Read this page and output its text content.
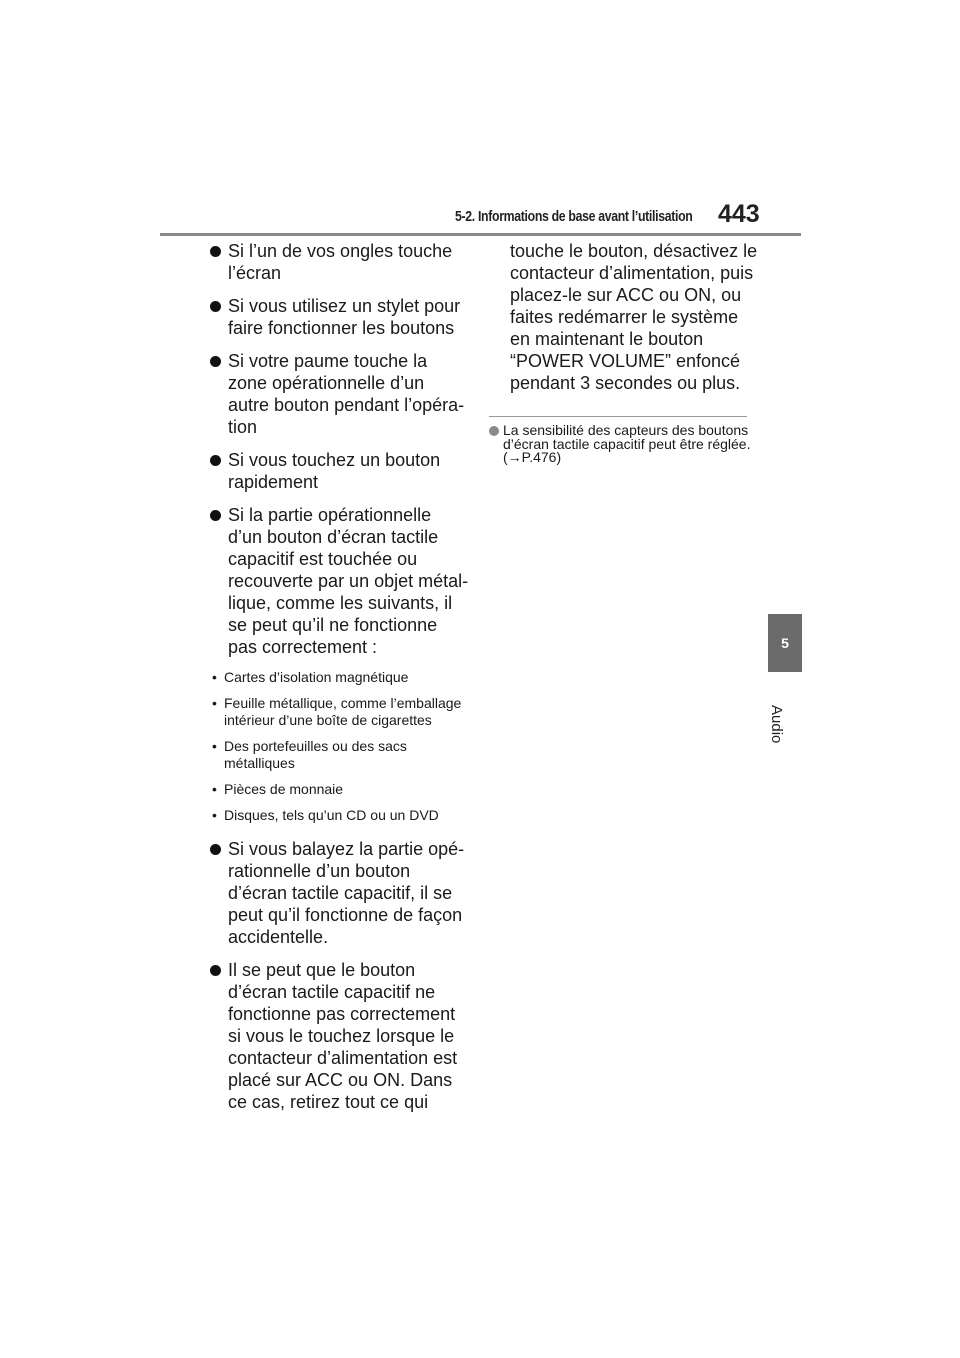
5-2. Informations de base avant l’utilisation 443
Si l’un de vos ongles touche l’écran
Si vous utilisez un stylet pour faire fonctionner les boutons
Si votre paume touche la zone opérationnelle d’un autre bouton pendant l’opéra-tion
Si vous touchez un bouton rapidement
Si la partie opérationnelle d’un bouton d’écran tactile capacitif est touchée ou recouverte par un objet métal-lique, comme les suivants, il se peut qu’il ne fonctionne pas correctement :
• Cartes d’isolation magnétique
• Feuille métallique, comme l’emballage intérieur d’une boîte de cigarettes
• Des portefeuilles ou des sacs métalliques
• Pièces de monnaie
• Disques, tels qu’un CD ou un DVD
Si vous balayez la partie opé-rationnelle d’un bouton d’écran tactile capacitif, il se peut qu’il fonctionne de façon accidentelle.
Il se peut que le bouton d’écran tactile capacitif ne fonctionne pas correctement si vous le touchez lorsque le contacteur d’alimentation est placé sur ACC ou ON. Dans ce cas, retirez tout ce qui
touche le bouton, désactivez le contacteur d’alimentation, puis placez-le sur ACC ou ON, ou faites redémarrer le système en maintenant le bouton “POWER VOLUME” enfoncé pendant 3 secondes ou plus.
La sensibilité des capteurs des boutons d’écran tactile capacitif peut être réglée. (→P.476)
5
Audio
